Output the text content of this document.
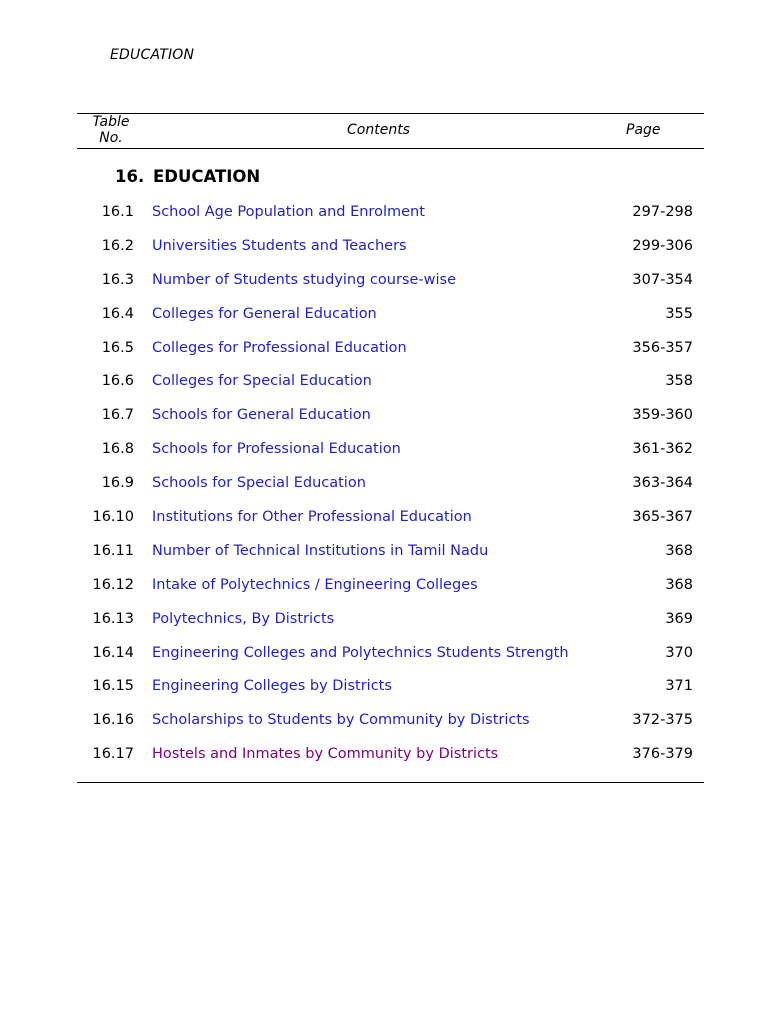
EDUCATION
Table
No.	Contents	Page
16. EDUCATION
16.1 School Age Population and Enrolment	297-298
16.2 Universities Students and Teachers	299-306
16.3 Number of Students studying course-wise	307-354
16.4 Colleges for General Education	355
16.5 Colleges for Professional Education	356-357
16.6 Colleges for Special Education	358
16.7 Schools for General Education	359-360
16.8 Schools for Professional Education	361-362
16.9 Schools for Special Education	363-364
16.10 Institutions for Other Professional Education	365-367
16.11 Number of Technical Institutions in Tamil Nadu	368
16.12 Intake of Polytechnics / Engineering Colleges	368
16.13 Polytechnics, By Districts	369
16.14 Engineering Colleges and Polytechnics Students Strength	370
16.15 Engineering Colleges by Districts	371
16.16 Scholarships to Students by Community by Districts	372-375
16.17 Hostels and Inmates by Community by Districts	376-379
